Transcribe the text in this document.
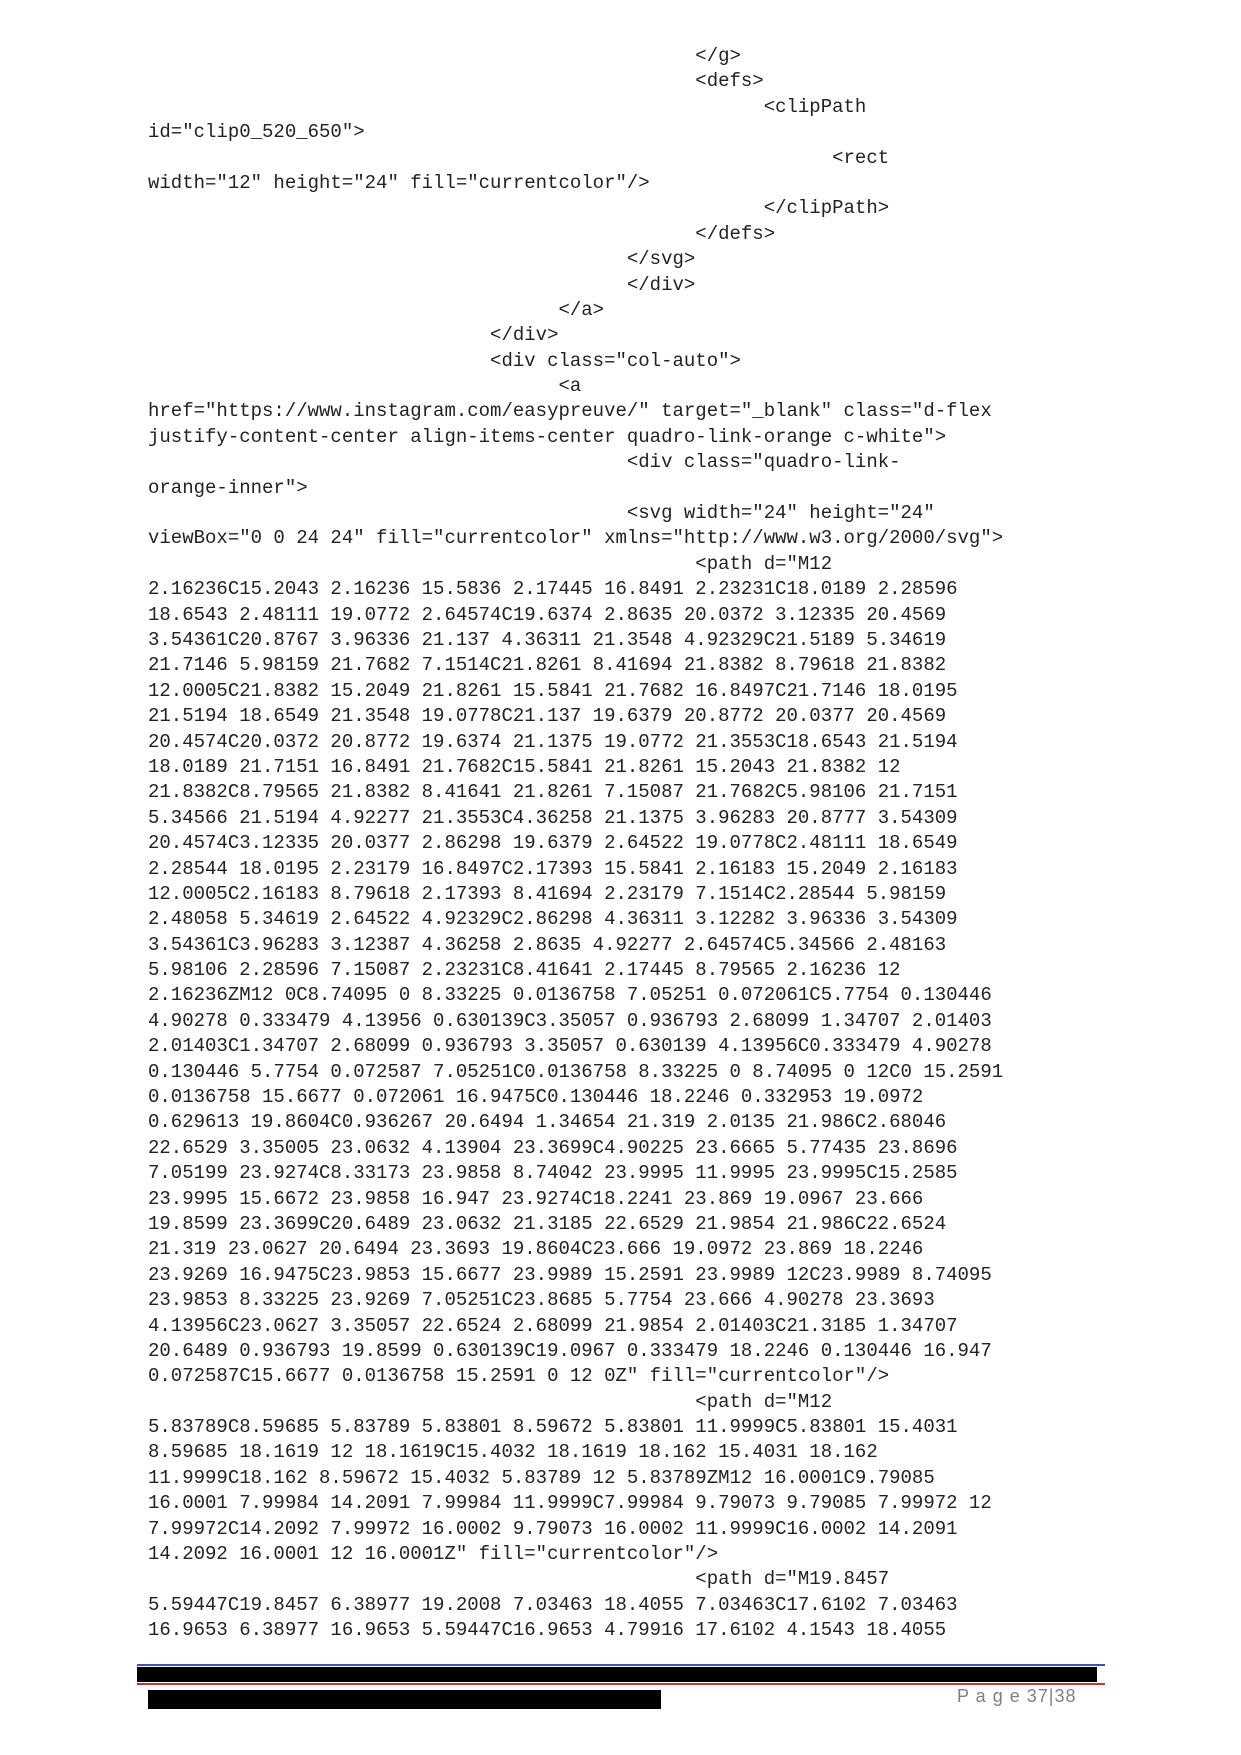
</g>
<defs>
<clipPath
id="clip0_520_650">
<rect
width="12" height="24" fill="currentcolor"/>
</clipPath>
</defs>
</svg>
</div>
</a>
</div>
<div class="col-auto">
<a
href="https://www.instagram.com/easypreuve/" target="_blank" class="d-flex
justify-content-center align-items-center quadro-link-orange c-white">
<div class="quadro-link-
orange-inner">
<svg width="24" height="24"
viewBox="0 0 24 24" fill="currentcolor" xmlns="http://www.w3.org/2000/svg">
<path d="M12
2.16236C15.2043 2.16236 15.5836 2.17445 16.8491 2.23231C18.0189 2.28596
18.6543 2.48111 19.0772 2.64574C19.6374 2.8635 20.0372 3.12335 20.4569
3.54361C20.8767 3.96336 21.137 4.36311 21.3548 4.92329C21.5189 5.34619
21.7146 5.98159 21.7682 7.1514C21.8261 8.41694 21.8382 8.79618 21.8382
12.0005C21.8382 15.2049 21.8261 15.5841 21.7682 16.8497C21.7146 18.0195
21.5194 18.6549 21.3548 19.0778C21.137 19.6379 20.8772 20.0377 20.4569
20.4574C20.0372 20.8772 19.6374 21.1375 19.0772 21.3553C18.6543 21.5194
18.0189 21.7151 16.8491 21.7682C15.5841 21.8261 15.2043 21.8382 12
21.8382C8.79565 21.8382 8.41641 21.8261 7.15087 21.7682C5.98106 21.7151
5.34566 21.5194 4.92277 21.3553C4.36258 21.1375 3.96283 20.8777 3.54309
20.4574C3.12335 20.0377 2.86298 19.6379 2.64522 19.0778C2.48111 18.6549
2.28544 18.0195 2.23179 16.8497C2.17393 15.5841 2.16183 15.2049 2.16183
12.0005C2.16183 8.79618 2.17393 8.41694 2.23179 7.1514C2.28544 5.98159
2.48058 5.34619 2.64522 4.92329C2.86298 4.36311 3.12282 3.96336 3.54309
3.54361C3.96283 3.12387 4.36258 2.8635 4.92277 2.64574C5.34566 2.48163
5.98106 2.28596 7.15087 2.23231C8.41641 2.17445 8.79565 2.16236 12
2.16236ZM12 0C8.74095 0 8.33225 0.0136758 7.05251 0.072061C5.7754 0.130446
4.90278 0.333479 4.13956 0.630139C3.35057 0.936793 2.68099 1.34707 2.01403
2.01403C1.34707 2.68099 0.936793 3.35057 0.630139 4.13956C0.333479 4.90278
0.130446 5.7754 0.072587 7.05251C0.0136758 8.33225 0 8.74095 0 12C0 15.2591
0.0136758 15.6677 0.072061 16.9475C0.130446 18.2246 0.332953 19.0972
0.629613 19.8604C0.936267 20.6494 1.34654 21.319 2.0135 21.986C2.68046
22.6529 3.35005 23.0632 4.13904 23.3699C4.90225 23.6665 5.77435 23.8696
7.05199 23.9274C8.33173 23.9858 8.74042 23.9995 11.9995 23.9995C15.2585
23.9995 15.6672 23.9858 16.947 23.9274C18.2241 23.869 19.0967 23.666
19.8599 23.3699C20.6489 23.0632 21.3185 22.6529 21.9854 21.986C22.6524
21.319 23.0627 20.6494 23.3693 19.8604C23.666 19.0972 23.869 18.2246
23.9269 16.9475C23.9853 15.6677 23.9989 15.2591 23.9989 12C23.9989 8.74095
23.9853 8.33225 23.9269 7.05251C23.8685 5.7754 23.666 4.90278 23.3693
4.13956C23.0627 3.35057 22.6524 2.68099 21.9854 2.01403C21.3185 1.34707
20.6489 0.936793 19.8599 0.630139C19.0967 0.333479 18.2246 0.130446 16.947
0.072587C15.6677 0.0136758 15.2591 0 12 0Z" fill="currentcolor"/>
<path d="M12
5.83789C8.59685 5.83789 5.83801 8.59672 5.83801 11.9999C5.83801 15.4031
8.59685 18.1619 12 18.1619C15.4032 18.1619 18.162 15.4031 18.162
11.9999C18.162 8.59672 15.4032 5.83789 12 5.83789ZM12 16.0001C9.79085
16.0001 7.99984 14.2091 7.99984 11.9999C7.99984 9.79073 9.79085 7.99972 12
7.99972C14.2092 7.99972 16.0002 9.79073 16.0002 11.9999C16.0002 14.2091
14.2092 16.0001 12 16.0001Z" fill="currentcolor"/>
<path d="M19.8457
5.59447C19.8457 6.38977 19.2008 7.03463 18.4055 7.03463C17.6102 7.03463
16.9653 6.38977 16.9653 5.59447C16.9653 4.79916 17.6102 4.1543 18.4055
P a g e 37|38
